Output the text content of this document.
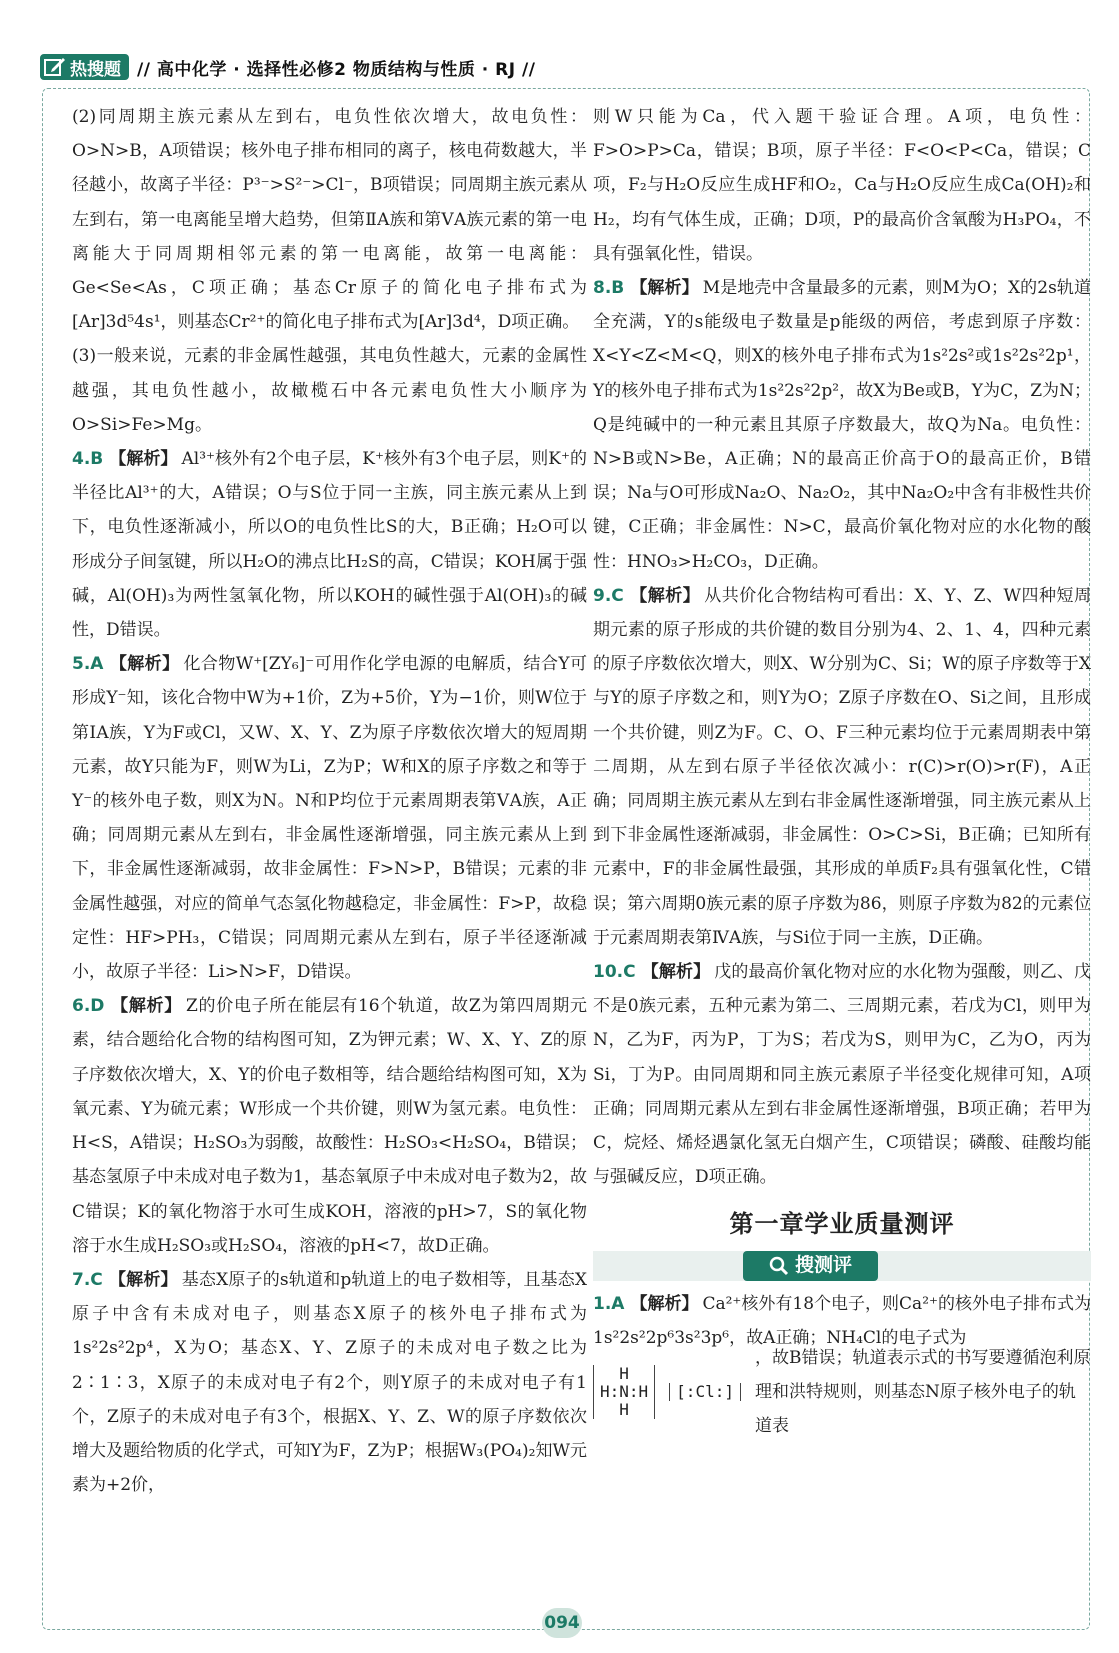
热搜题 // 高中化学 · 选择性必修2 物质结构与性质 · RJ //

(2)同周期主族元素从左到右，电负性依次增大，故电负性：O>N>B，A项错误；核外电子排布相同的离子，核电荷数越大，半径越小，故离子半径：P³⁻>S²⁻>Cl⁻，B项错误；同周期主族元素从左到右，第一电离能呈增大趋势，但第ⅡA族和第ⅤA族元素的第一电离能大于同周期相邻元素的第一电离能，故第一电离能：Ge<Se<As，C项正确；基态Cr原子的简化电子排布式为[Ar]3d⁵4s¹，则基态Cr²⁺的简化电子排布式为[Ar]3d⁴，D项正确。

(3)一般来说，元素的非金属性越强，其电负性越大，元素的金属性越强，其电负性越小，故橄榄石中各元素电负性大小顺序为 O>Si>Fe>Mg。

4.B 【解析】 Al³⁺核外有2个电子层，K⁺核外有3个电子层，则K⁺的半径比Al³⁺的大，A错误；O与S位于同一主族，同主族元素从上到下，电负性逐渐减小，所以O的电负性比S的大，B正确；H₂O可以形成分子间氢键，所以H₂O的沸点比H₂S的高，C错误；KOH属于强碱，Al(OH)₃为两性氢氧化物，所以KOH的碱性强于Al(OH)₃的碱性，D错误。

5.A 【解析】 化合物W⁺[ZY₆]⁻可用作化学电源的电解质，结合Y可形成Y⁻知，该化合物中W为+1价，Z为+5价，Y为−1价，则W位于第ⅠA族，Y为F或Cl，又W、X、Y、Z为原子序数依次增大的短周期元素，故Y只能为F，则W为Li，Z为P；W和X的原子序数之和等于Y⁻的核外电子数，则X为N。N和P均位于元素周期表第ⅤA族，A正确；同周期元素从左到右，非金属性逐渐增强，同主族元素从上到下，非金属性逐渐减弱，故非金属性：F>N>P，B错误；元素的非金属性越强，对应的简单气态氢化物越稳定，非金属性：F>P，故稳定性：HF>PH₃，C错误；同周期元素从左到右，原子半径逐渐减小，故原子半径：Li>N>F，D错误。

6.D 【解析】 Z的价电子所在能层有16个轨道，故Z为第四周期元素，结合题给化合物的结构图可知，Z为钾元素；W、X、Y、Z的原子序数依次增大，X、Y的价电子数相等，结合题给结构图可知，X为氧元素、Y为硫元素；W形成一个共价键，则W为氢元素。电负性：H<S，A错误；H₂SO₃为弱酸，故酸性：H₂SO₃<H₂SO₄，B错误；基态氢原子中未成对电子数为1，基态氧原子中未成对电子数为2，故C错误；K的氧化物溶于水可生成KOH，溶液的pH>7，S的氧化物溶于水生成H₂SO₃或H₂SO₄，溶液的pH<7，故D正确。

7.C 【解析】 基态X原子的s轨道和p轨道上的电子数相等，且基态X原子中含有未成对电子，则基态X原子的核外电子排布式为1s²2s²2p⁴，X为O；基态X、Y、Z原子的未成对电子数之比为2∶1∶3，X原子的未成对电子有2个，则Y原子的未成对电子有1个，Z原子的未成对电子有3个，根据X、Y、Z、W的原子序数依次增大及题给物质的化学式，可知Y为F，Z为P；根据W₃(PO₄)₂知W元素为+2价，

则W只能为Ca，代入题干验证合理。A项，电负性：F>O>P>Ca，错误；B项，原子半径：F<O<P<Ca，错误；C项，F₂与H₂O反应生成HF和O₂，Ca与H₂O反应生成Ca(OH)₂和H₂，均有气体生成，正确；D项，P的最高价含氧酸为H₃PO₄，不具有强氧化性，错误。

8.B 【解析】 M是地壳中含量最多的元素，则M为O；X的2s轨道全充满，Y的s能级电子数量是p能级的两倍，考虑到原子序数：X<Y<Z<M<Q，则X的核外电子排布式为1s²2s²或1s²2s²2p¹，Y的核外电子排布式为1s²2s²2p²，故X为Be或B，Y为C，Z为N；Q是纯碱中的一种元素且其原子序数最大，故Q为Na。电负性：N>B或N>Be，A正确；N的最高正价高于O的最高正价，B错误；Na与O可形成Na₂O、Na₂O₂，其中Na₂O₂中含有非极性共价键，C正确；非金属性：N>C，最高价氧化物对应的水化物的酸性：HNO₃>H₂CO₃，D正确。

9.C 【解析】 从共价化合物结构可看出：X、Y、Z、W四种短周期元素的原子形成的共价键的数目分别为4、2、1、4，四种元素的原子序数依次增大，则X、W分别为C、Si；W的原子序数等于X与Y的原子序数之和，则Y为O；Z原子序数在O、Si之间，且形成一个共价键，则Z为F。C、O、F三种元素均位于元素周期表中第二周期，从左到右原子半径依次减小：r(C)>r(O)>r(F)，A正确；同周期主族元素从左到右非金属性逐渐增强，同主族元素从上到下非金属性逐渐减弱，非金属性：O>C>Si，B正确；已知所有元素中，F的非金属性最强，其形成的单质F₂具有强氧化性，C错误；第六周期0族元素的原子序数为86，则原子序数为82的元素位于元素周期表第ⅣA族，与Si位于同一主族，D正确。

10.C 【解析】 戊的最高价氧化物对应的水化物为强酸，则乙、戊不是0族元素，五种元素为第二、三周期元素，若戊为Cl，则甲为N，乙为F，丙为P，丁为S；若戊为S，则甲为C，乙为O，丙为Si，丁为P。由同周期和同主族元素原子半径变化规律可知，A项正确；同周期元素从左到右非金属性逐渐增强，B项正确；若甲为C，烷烃、烯烃遇氯化氢无白烟产生，C项错误；磷酸、硅酸均能与强碱反应，D项正确。

第一章学业质量测评
搜测评

1.A 【解析】 Ca²⁺核外有18个电子，则Ca²⁺的核外电子排布式为1s²2s²2p⁶3s²3p⁶，故A正确；NH₄Cl的电子式为

H
H:N:H
H
[:Cl:]
，故B错误；轨道表示式的书写要遵循泡利原理和洪特规则，则基态N原子核外电子的轨道表
094
